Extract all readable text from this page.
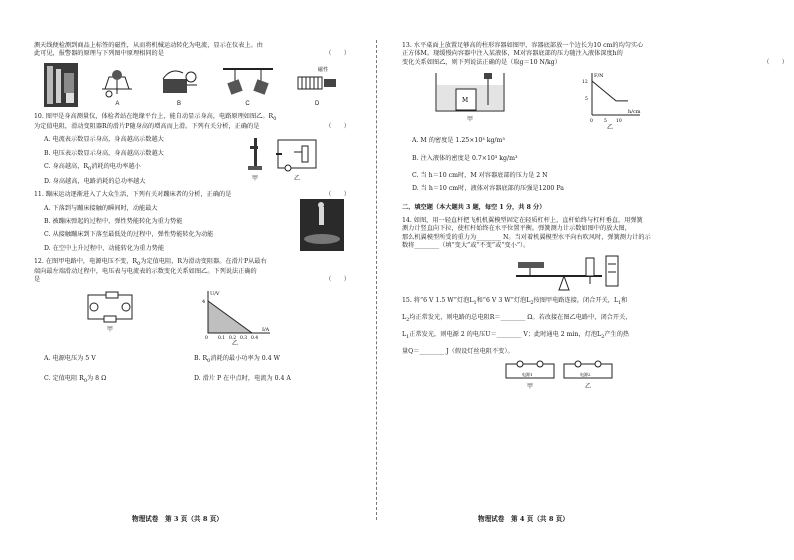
测天线便检测到商品上标签的磁性，从而将机械运动转化为电流，显示在仪表上。由

此可见，报警器的原理与下列图中原理相同的是	（　　）

A	B	C
磁性
D

10. 图甲是身高测量仪，体检者站在绝缘平台上，能自动显示身高，电路原理如图乙。$R_0$

为定值电阻，滑动变阻器R的滑片P随身高的增高而上滑。下列有关分析，正确的是	（　　）

A. 电流表示数显示身高，身高越高示数越大

B. 电压表示数显示身高，身高越高示数越大

C. 身高越高，$R_0$消耗的电功率越小

D. 身高越高，电路消耗的总功率越大	甲
	乙

11. 蹦床运动逐渐进入了大众生活，下列有关对蹦床者的分析，正确的是	（　　）

A. 下落到与蹦床接触的瞬间时，动能最大

B. 被蹦床弹起的过程中，弹性势能转化为重力势能

C. 从接触蹦床到下落至最低处的过程中，弹性势能转化为动能

D. 在空中上升过程中，动能转化为重力势能

12. 在图甲电路中，电源电压不变，$R_0$为定值电阻，R为滑动变阻器。在滑片P从最右

端向最左端滑动过程中，电压表与电流表的示数变化关系如图乙。下列说法正确的

是	（　　）

甲
U/V
I/A
4
0 0.1 0.2 0.3 0.4
乙

A. 电源电压为 5 V	B. $R_0$消耗的最小功率为 0.4 W

C. 定值电阻 $R_0$为 8 Ω	D. 滑片 P 在中点时，电流为 0.4 A

物理试卷　第 3 页（共 8 页）

13. 水平桌面上放置足够高的柱形容器如图甲，容器底部放一个边长为10 cm的均匀实心

正方体M。现缓慢向容器中注入某液体，M对容器底部的压力随注入液体深度h的

变化关系如图乙，则下列说法正确的是（取g＝10 N/kg）	（　　）

M
甲
F/N
h/cm
12
5
0 5 10
乙

A. M 的密度是 1.25×10³ kg/m³

B. 注入液体的密度是 0.7×10³ kg/m³

C. 当 h＝10 cm时，M 对容器底部的压力是 2 N

D. 当 h＝10 cm时，液体对容器底部的压强是1200 Pa

二、填空题（本大题共 3 题，每空 1 分，共 8 分）

14. 如图，用一轻直杆把飞机机翼模型固定在轻质杠杆上，直杆始终与杠杆垂直，用弹簧

测力计竖直向下拉，使杠杆始终在水平位置平衡。弹簧测力计示数如图中的放大图，

那么机翼模型所受的重力为________ N。当对着机翼模型水平向右吹风时，弹簧测力计的示

数将________（填“变大”或“不变”或“变小”）。

15. 将“6 V 1.5 W”灯泡$L_1$和“6 V 3 W”灯泡$L_2$按图甲电路连接，闭合开关，$L_1$和

$L_2$均正常发光，则电路的总电阻R＝________ Ω。若改接在图乙电路中，闭合开关，

$L_1$正常发光，则电源 2 的电压U＝________ V；此时通电 2 min，灯泡$L_2$产生的热

量Q＝________ J（假设灯丝电阻不变）。

电源1
甲

电源2
乙
物理试卷　第 4 页（共 8 页）
